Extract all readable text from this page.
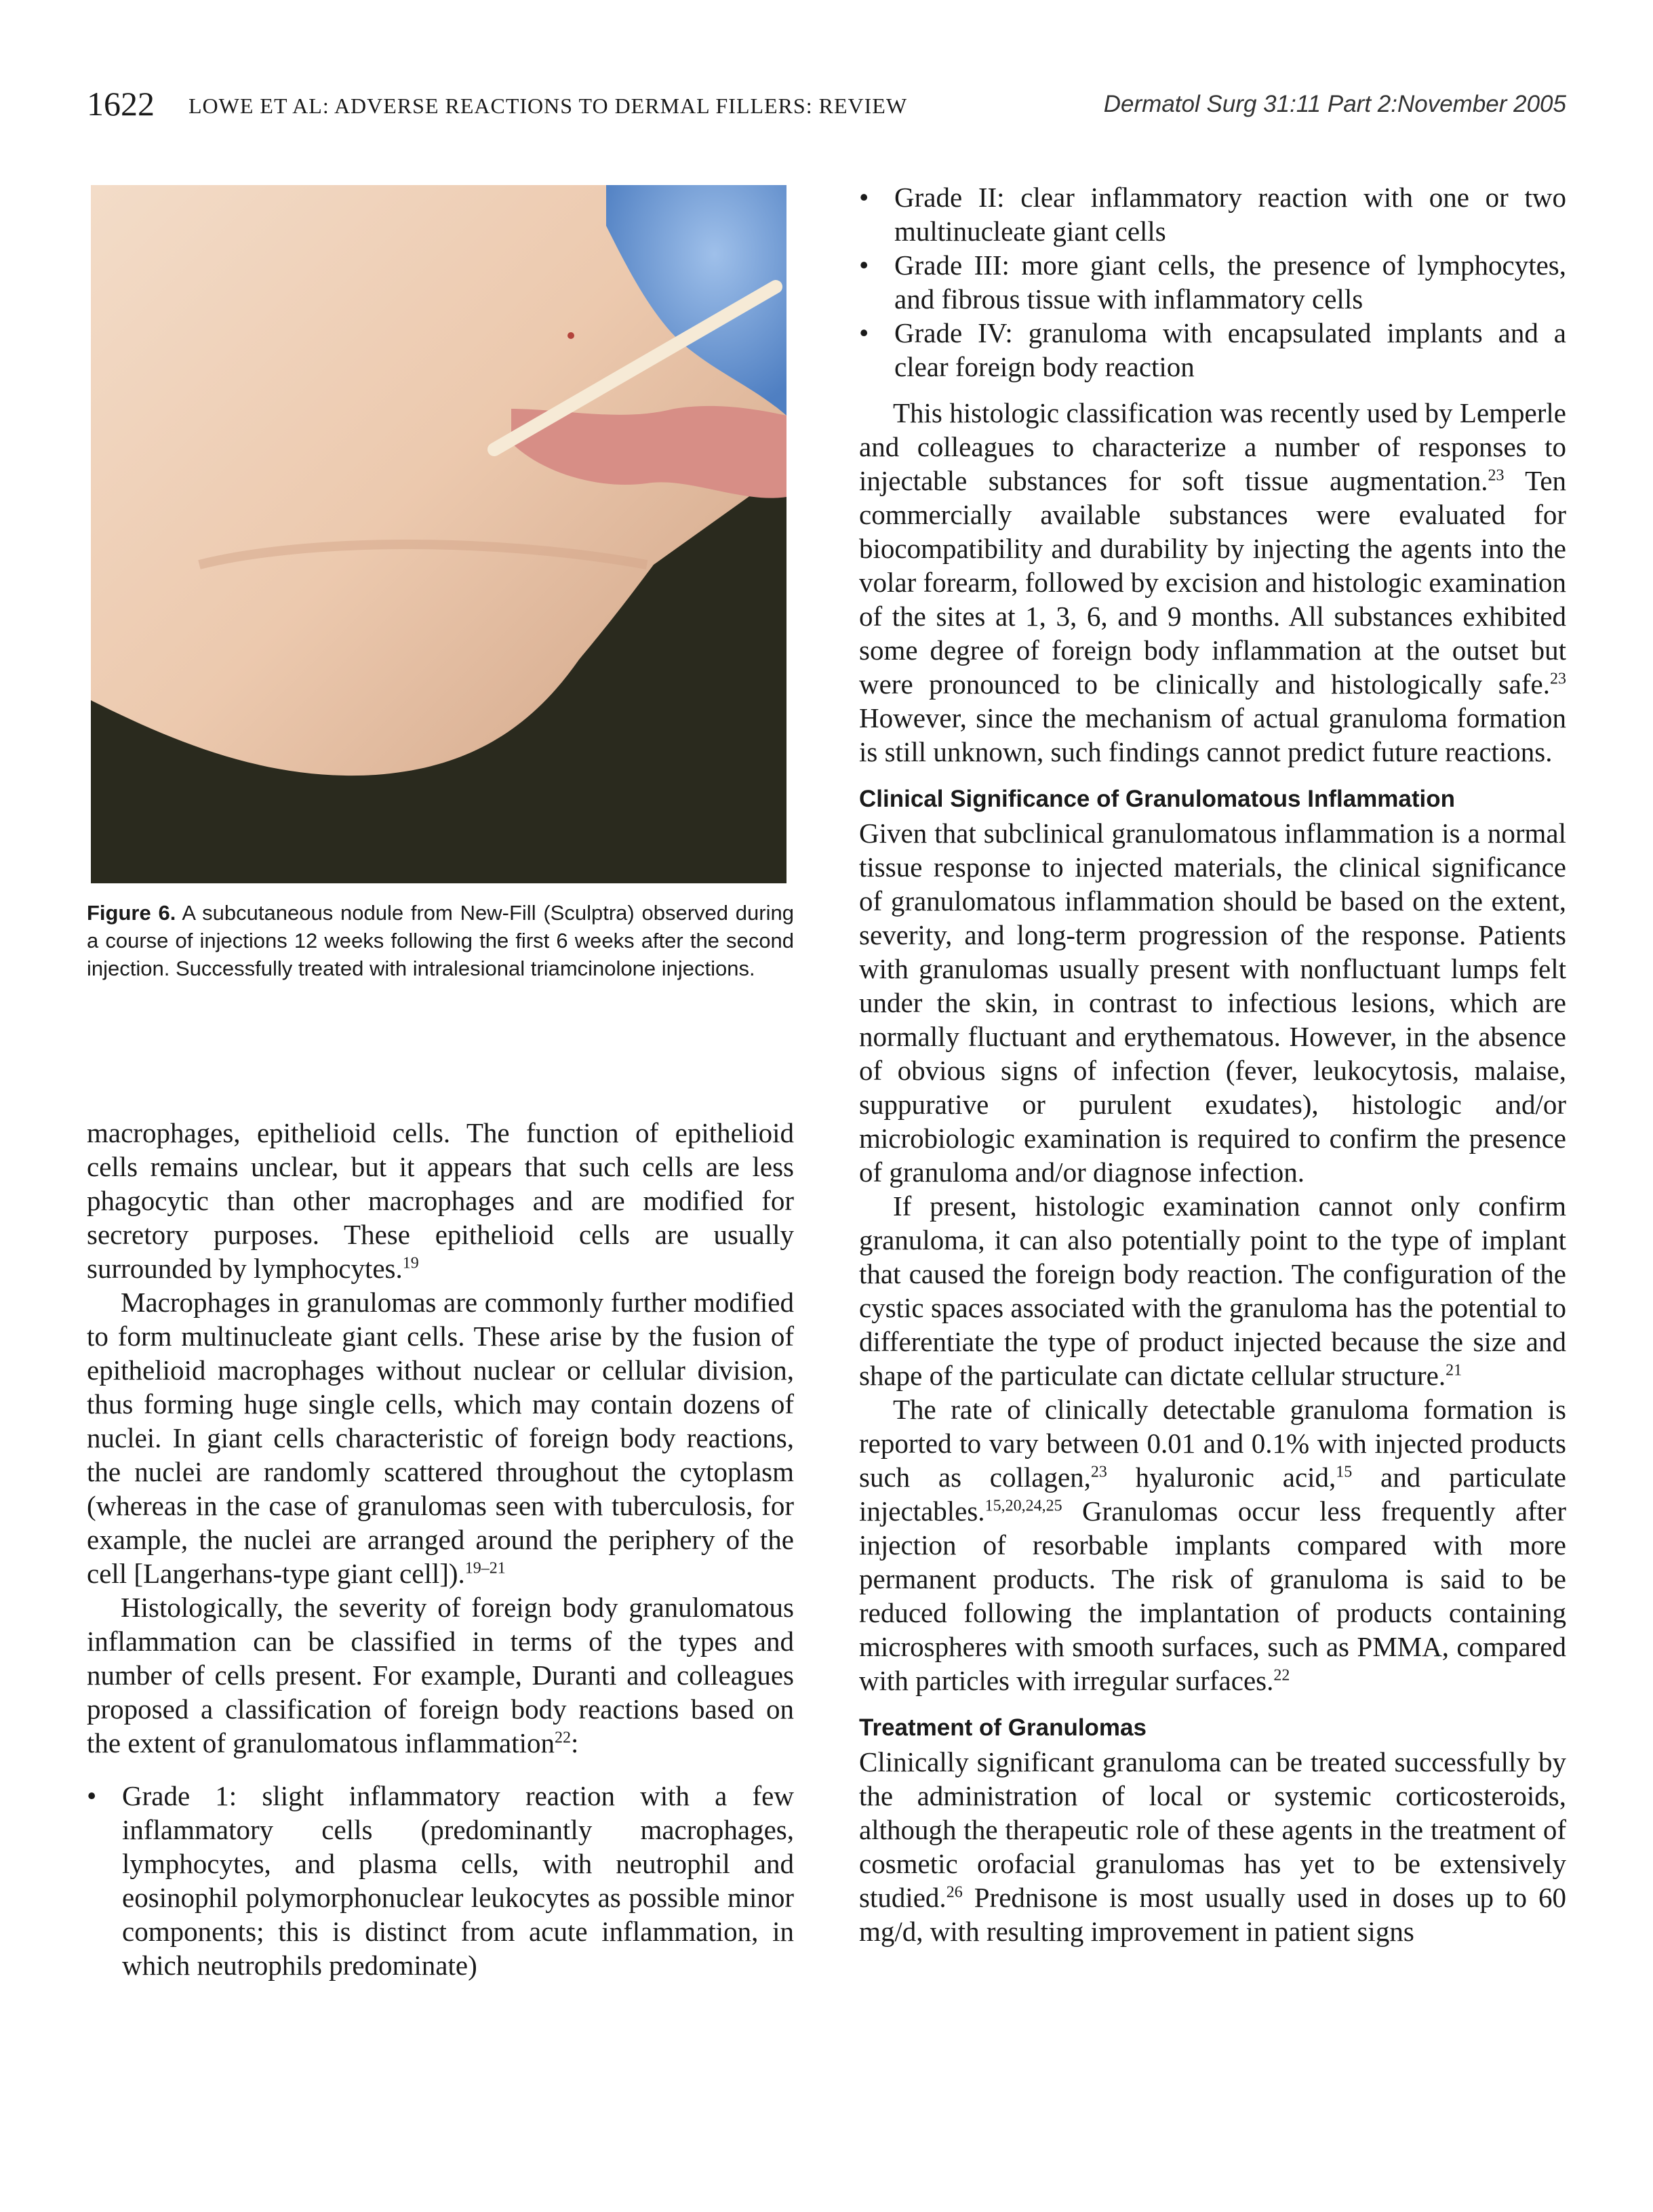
1622 LOWE ET AL: ADVERSE REACTIONS TO DERMAL FILLERS: REVIEW	Dermatol Surg 31:11 Part 2:November 2005
Figure 6. A subcutaneous nodule from New-Fill (Sculptra) observed during a course of injections 12 weeks following the first 6 weeks after the second injection. Successfully treated with intralesional triamcinolone injections.

macrophages, epithelioid cells. The function of epithelioid cells remains unclear, but it appears that such cells are less phagocytic than other macrophages and are modified for secretory purposes. These epithelioid cells are usually surrounded by lymphocytes.$^{19}$

Macrophages in granulomas are commonly further modified to form multinucleate giant cells. These arise by the fusion of epithelioid macrophages without nuclear or cellular division, thus forming huge single cells, which may contain dozens of nuclei. In giant cells characteristic of foreign body reactions, the nuclei are randomly scattered throughout the cytoplasm (whereas in the case of granulomas seen with tuberculosis, for example, the nuclei are arranged around the periphery of the cell [Langerhans-type giant cell]).$^{19-21}$

Histologically, the severity of foreign body granulomatous inflammation can be classified in terms of the types and number of cells present. For example, Duranti and colleagues proposed a classification of foreign body reactions based on the extent of granulomatous inflammation$^{22}$:

• Grade 1: slight inflammatory reaction with a few inflammatory cells (predominantly macrophages, lymphocytes, and plasma cells, with neutrophil and eosinophil polymorphonuclear leukocytes as possible minor components; this is distinct from acute inflammation, in which neutrophils predominate)
• Grade II: clear inflammatory reaction with one or two multinucleate giant cells
• Grade III: more giant cells, the presence of lymphocytes, and fibrous tissue with inflammatory cells
• Grade IV: granuloma with encapsulated implants and a clear foreign body reaction

This histologic classification was recently used by Lemperle and colleagues to characterize a number of responses to injectable substances for soft tissue augmentation.$^{23}$ Ten commercially available substances were evaluated for biocompatibility and durability by injecting the agents into the volar forearm, followed by excision and histologic examination of the sites at 1, 3, 6, and 9 months. All substances exhibited some degree of foreign body inflammation at the outset but were pronounced to be clinically and histologically safe.$^{23}$ However, since the mechanism of actual granuloma formation is still unknown, such findings cannot predict future reactions.

Clinical Significance of Granulomatous Inflammation

Given that subclinical granulomatous inflammation is a normal tissue response to injected materials, the clinical significance of granulomatous inflammation should be based on the extent, severity, and long-term progression of the response. Patients with granulomas usually present with nonfluctuant lumps felt under the skin, in contrast to infectious lesions, which are normally fluctuant and erythematous. However, in the absence of obvious signs of infection (fever, leukocytosis, malaise, suppurative or purulent exudates), histologic and/or microbiologic examination is required to confirm the presence of granuloma and/or diagnose infection.

If present, histologic examination cannot only confirm granuloma, it can also potentially point to the type of implant that caused the foreign body reaction. The configuration of the cystic spaces associated with the granuloma has the potential to differentiate the type of product injected because the size and shape of the particulate can dictate cellular structure.$^{21}$

The rate of clinically detectable granuloma formation is reported to vary between 0.01 and 0.1% with injected products such as collagen,$^{23}$ hyaluronic acid,$^{15}$ and particulate injectables.$^{15,20,24,25}$ Granulomas occur less frequently after injection of resorbable implants compared with more permanent products. The risk of granuloma is said to be reduced following the implantation of products containing microspheres with smooth surfaces, such as PMMA, compared with particles with irregular surfaces.$^{22}$

Treatment of Granulomas

Clinically significant granuloma can be treated successfully by the administration of local or systemic corticosteroids, although the therapeutic role of these agents in the treatment of cosmetic orofacial granulomas has yet to be extensively studied.$^{26}$ Prednisone is most usually used in doses up to 60 mg/d, with resulting improvement in patient signs
